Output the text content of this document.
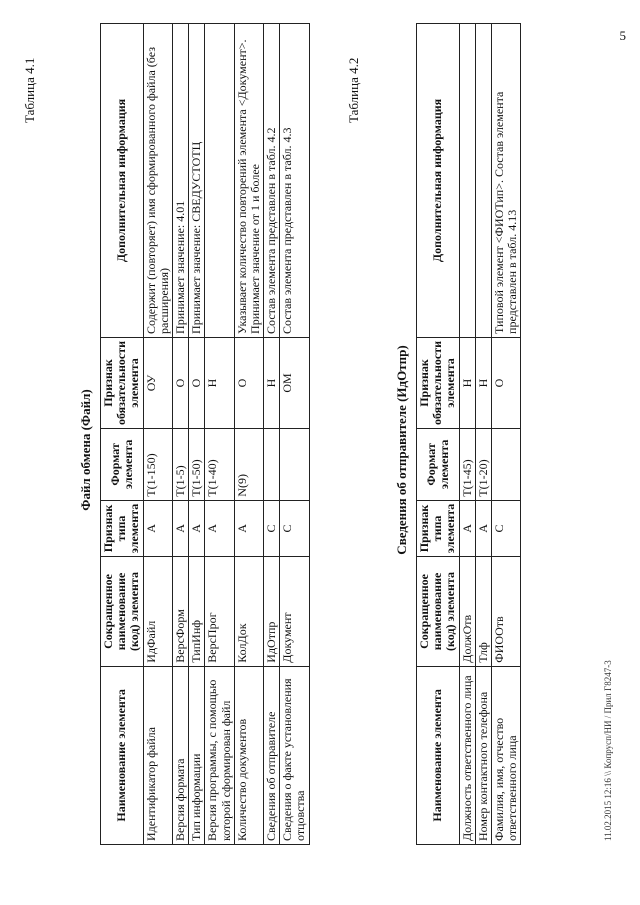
5
Таблица 4.1
Файл обмена (Файл)
Наименование элемента	Сокращенное наименование (код) элемента	Признак типа элемента	Формат элемента	Признак обязательности элемента	Дополнительная информация
Идентификатор файла	ИдФайл	А	T(1-150)	ОУ	Содержит (повторяет) имя сформированного файла (без расширения)
Версия формата	ВерсФорм	А	T(1-5)	О	Принимает значение: 4.01
Тип информации	ТипИнф	А	T(1-50)	О	Принимает значение: СВЕДУСТОТЦ
Версия программы, с помощью которой сформирован файл	ВерсПрог	А	T(1-40)	Н	
Количество документов	КолДок	А	N(9)	О	Указывает количество повторений элемента <Документ>. Принимает значение от 1 и более
Сведения об отправителе	ИдОтпр	С		Н	Состав элемента представлен в табл. 4.2
Сведения о факте установления отцовства	Документ	С		ОМ	Состав элемента представлен в табл. 4.3
Таблица 4.2
Сведения об отправителе (ИдОтпр)
Наименование элемента	Сокращенное наименование (код) элемента	Признак типа элемента	Формат элемента	Признак обязательности элемента	Дополнительная информация
Должность ответственного лица	ДолжОтв	А	T(1-45)	Н	
Номер контактного телефона	Тлф	А	T(1-20)	Н	
Фамилия, имя, отчество ответственного лица	ФИООтв	С		О	Типовой элемент <ФИОТип>. Состав элемента представлен в табл. 4.13
11.02.2015 12:16 \\ Копрусп/НИ / Прил Г8247-3
